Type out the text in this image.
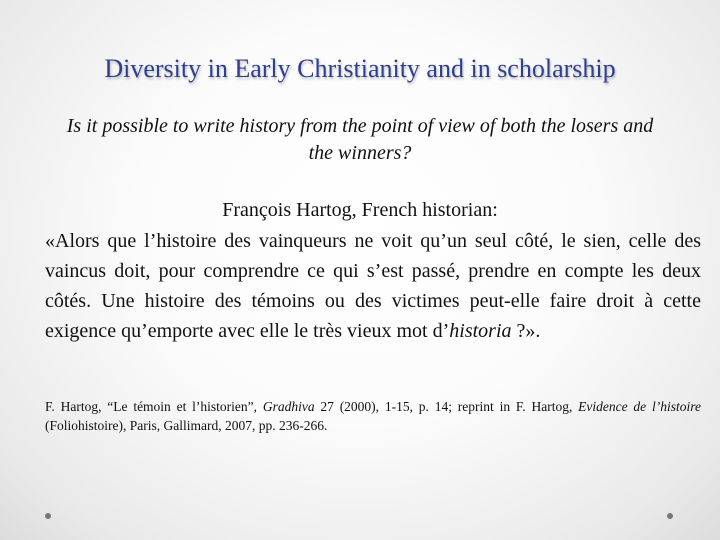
Diversity in Early Christianity and in scholarship
Is it possible to write history from the point of view of both the losers and the winners?
François Hartog, French historian:
«Alors que l’histoire des vainqueurs ne voit qu’un seul côté, le sien, celle des vaincus doit, pour comprendre ce qui s’est passé, prendre en compte les deux côtés. Une histoire des témoins ou des victimes peut-elle faire droit à cette exigence qu’emporte avec elle le très vieux mot d’historia ?».
F. Hartog, “Le témoin et l’historien”, Gradhiva 27 (2000), 1-15, p. 14; reprint in F. Hartog, Evidence de l’histoire (Foliohistoire), Paris, Gallimard, 2007, pp. 236-266.
